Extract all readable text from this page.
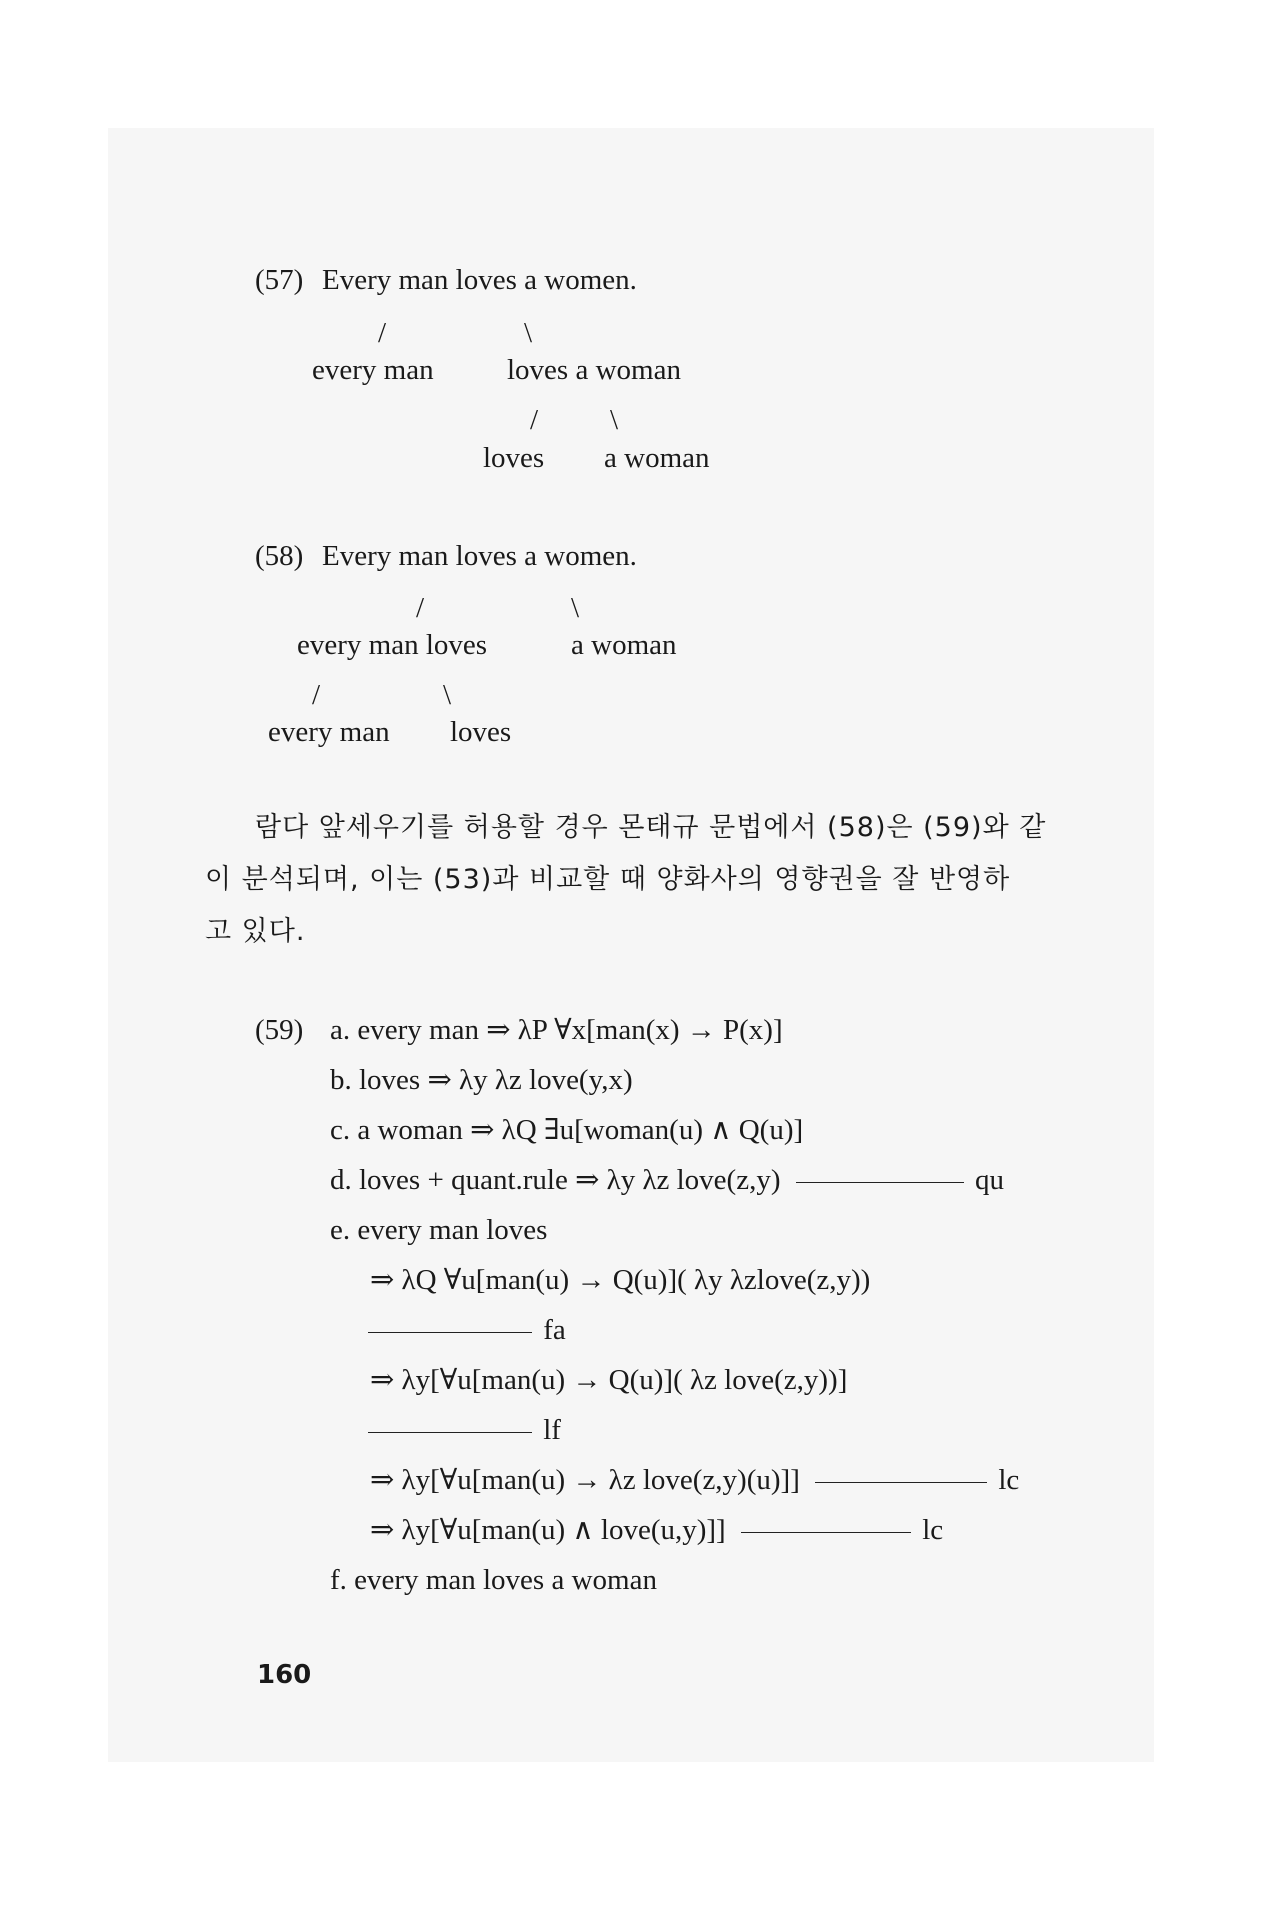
(57) Every man loves a women.
/	\
every man	loves a woman
/ \
loves a woman
(58) Every man loves a women.
/	\
every man loves	a woman
/	\
every man loves
람다 앞세우기를 허용할 경우 몬태규 문법에서 (58)은 (59)와 같
이 분석되며, 이는 (53)과 비교할 때 양화사의 영향권을 잘 반영하
고 있다.
(59) a. every man ⇒ λP ∀x[man(x) → P(x)]
b. loves ⇒ λy λz love(y,x)
c. a woman ⇒ λQ ∃u[woman(u) ∧ Q(u)]
d. loves + quant.rule ⇒ λy λz love(z,y)	qu
e. every man loves
⇒ λQ ∀u[man(u) → Q(u)]( λy λzlove(z,y))
fa
⇒ λy[∀u[man(u) → Q(u)]( λz love(z,y))]
lf
⇒ λy[∀u[man(u) → λz love(z,y)(u)]]	lc
⇒ λy[∀u[man(u) ∧ love(u,y)]]	lc
f. every man loves a woman
160
